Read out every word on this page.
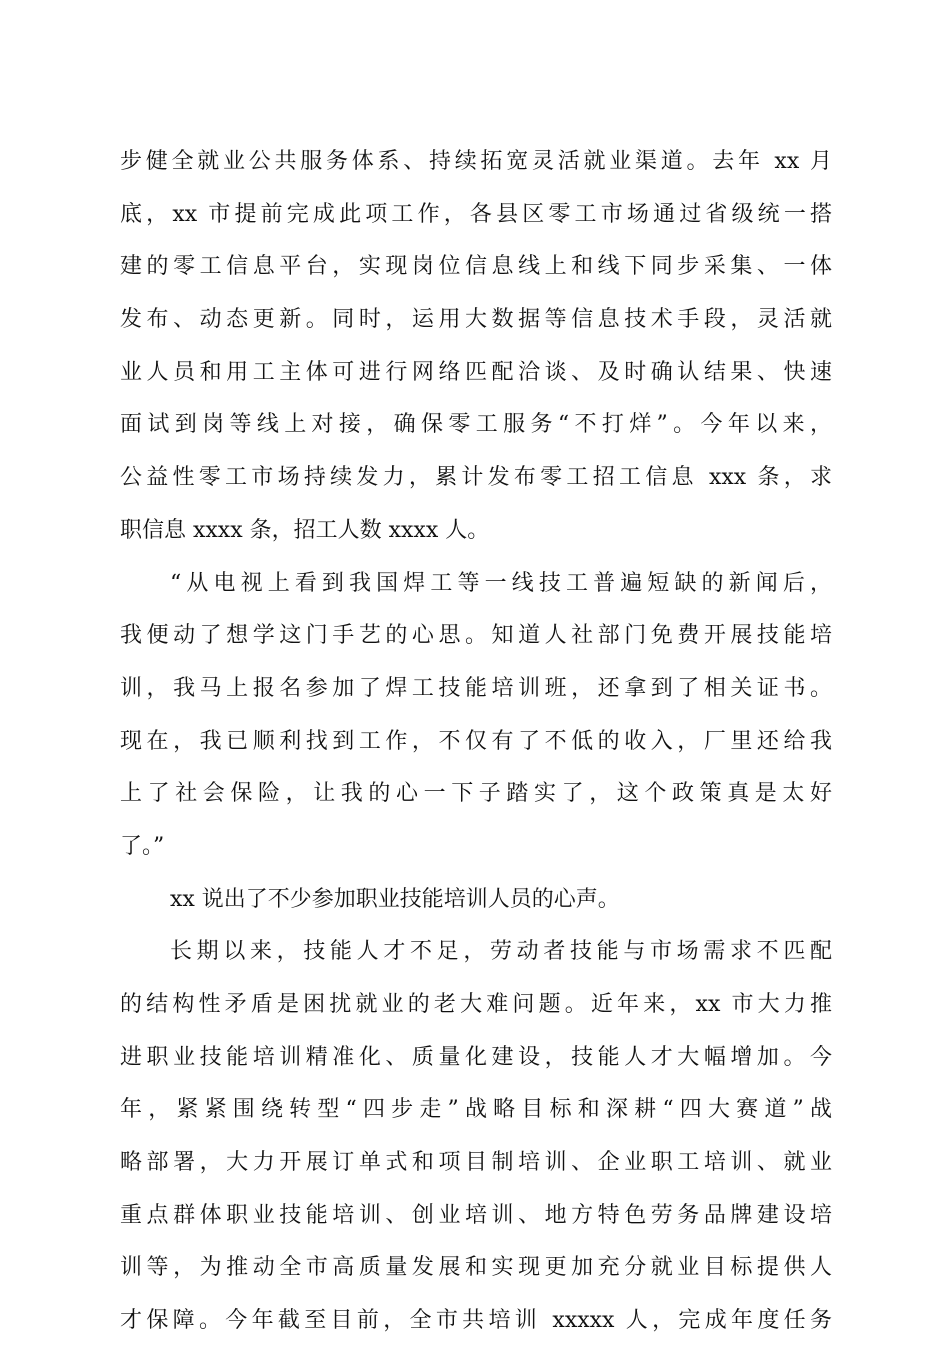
步健全就业公共服务体系、持续拓宽灵活就业渠道。去年 xx 月
底，xx 市提前完成此项工作，各县区零工市场通过省级统一搭
建的零工信息平台，实现岗位信息线上和线下同步采集、一体
发布、动态更新。同时，运用大数据等信息技术手段，灵活就
业人员和用工主体可进行网络匹配洽谈、及时确认结果、快速
面试到岗等线上对接，确保零工服务“不打烊”。今年以来，
公益性零工市场持续发力，累计发布零工招工信息 xxx 条，求
职信息 xxxx 条，招工人数 xxxx 人。
“从电视上看到我国焊工等一线技工普遍短缺的新闻后，
我便动了想学这门手艺的心思。知道人社部门免费开展技能培
训，我马上报名参加了焊工技能培训班，还拿到了相关证书。
现在，我已顺利找到工作，不仅有了不低的收入，厂里还给我
上了社会保险，让我的心一下子踏实了，这个政策真是太好
了。”
xx 说出了不少参加职业技能培训人员的心声。
长期以来，技能人才不足，劳动者技能与市场需求不匹配
的结构性矛盾是困扰就业的老大难问题。近年来，xx 市大力推
进职业技能培训精准化、质量化建设，技能人才大幅增加。今
年，紧紧围绕转型“四步走”战略目标和深耕“四大赛道”战
略部署，大力开展订单式和项目制培训、企业职工培训、就业
重点群体职业技能培训、创业培训、地方特色劳务品牌建设培
训等，为推动全市高质量发展和实现更加充分就业目标提供人
才保障。今年截至目前，全市共培训 xxxxx 人，完成年度任务
